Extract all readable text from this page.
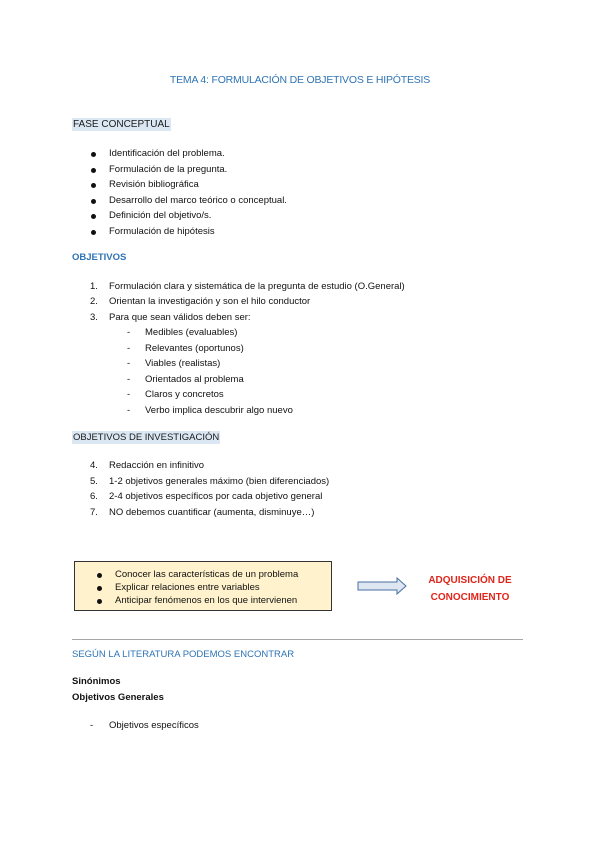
TEMA 4: FORMULACIÓN DE OBJETIVOS E HIPÓTESIS
FASE CONCEPTUAL
Identificación del problema.
Formulación de la pregunta.
Revisión bibliográfica
Desarrollo del marco teórico o conceptual.
Definición del objetivo/s.
Formulación de hipótesis
OBJETIVOS
1.	Formulación clara y sistemática de la pregunta de estudio (O.General)
2.	Orientan la investigación y son el hilo conductor
3.	Para que sean válidos deben ser:
-	Medibles (evaluables)
-	Relevantes (oportunos)
-	Viables (realistas)
-	Orientados al problema
-	Claros y concretos
-	Verbo implica descubrir algo nuevo
OBJETIVOS DE INVESTIGACIÓN
4.	Redacción en infinitivo
5.	1-2 objetivos generales máximo (bien diferenciados)
6.	2-4 objetivos específicos por cada objetivo general
7.	NO debemos cuantificar (aumenta, disminuye…)
Conocer las características de un problema
Explicar relaciones entre variables
Anticipar fenómenos en los que intervienen
ADQUISICIÓN DE
CONOCIMIENTO
SEGÚN LA LITERATURA PODEMOS ENCONTRAR
Sinónimos
Objetivos Generales
-	Objetivos específicos
